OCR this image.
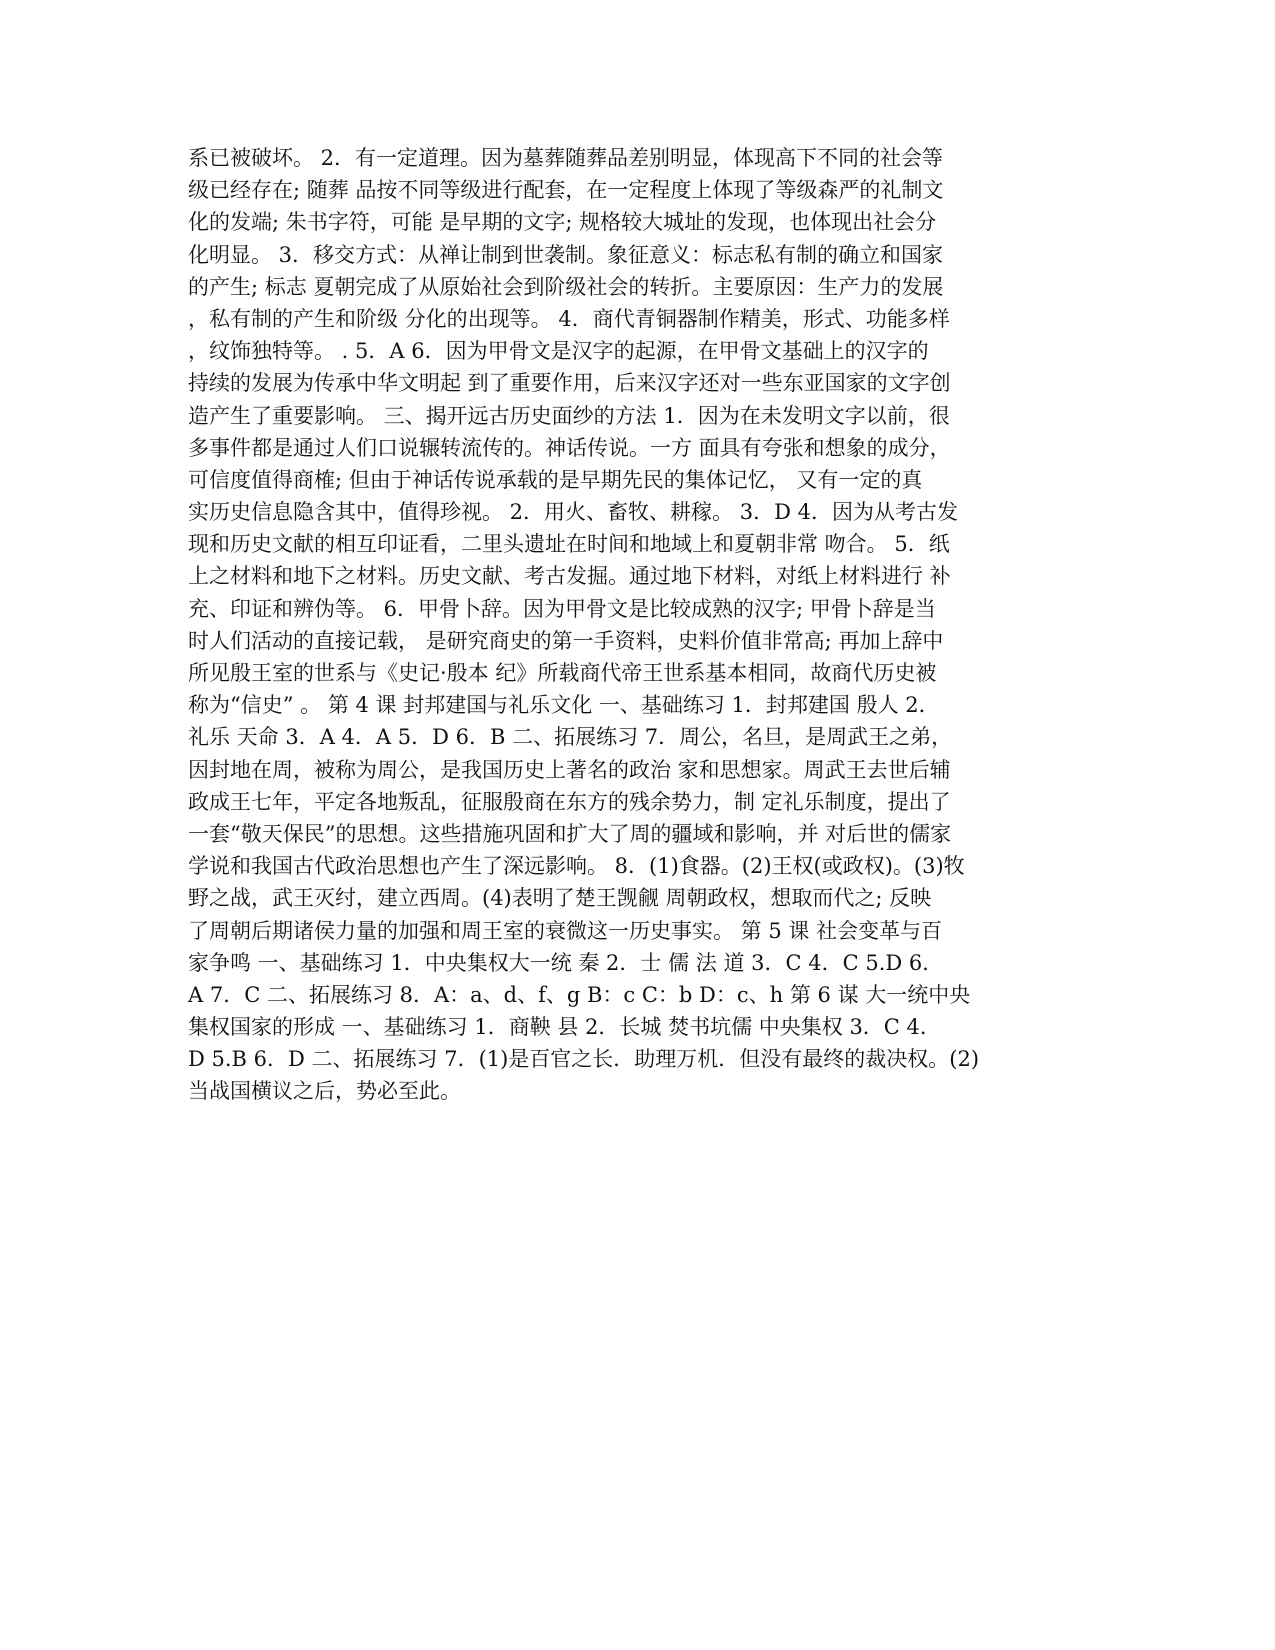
系已被破坏。 2．有一定道理。因为墓葬随葬品差别明显，体现高下不同的社会等
级已经存在; 随葬 品按不同等级进行配套，在一定程度上体现了等级森严的礼制文
化的发端; 朱书字符，可能 是早期的文字; 规格较大城址的发现，也体现出社会分
化明显。 3．移交方式：从禅让制到世袭制。象征意义：标志私有制的确立和国家
的产生; 标志 夏朝完成了从原始社会到阶级社会的转折。主要原因：生产力的发展
，私有制的产生和阶级 分化的出现等。 4．商代青铜器制作精美，形式、功能多样
，纹饰独特等。 . 5．A 6．因为甲骨文是汉字的起源，在甲骨文基础上的汉字的
持续的发展为传承中华文明起 到了重要作用，后来汉字还对一些东亚国家的文字创
造产生了重要影响。 三、揭开远古历史面纱的方法 1．因为在未发明文字以前，很
多事件都是通过人们口说辗转流传的。神话传说。一方 面具有夸张和想象的成分，
可信度值得商榷; 但由于神话传说承载的是早期先民的集体记忆， 又有一定的真
实历史信息隐含其中，值得珍视。 2．用火、畜牧、耕稼。 3．D 4．因为从考古发
现和历史文献的相互印证看，二里头遗址在时间和地域上和夏朝非常 吻合。 5．纸
上之材料和地下之材料。历史文献、考古发掘。通过地下材料，对纸上材料进行 补
充、印证和辨伪等。 6．甲骨卜辞。因为甲骨文是比较成熟的汉字; 甲骨卜辞是当
时人们活动的直接记载， 是研究商史的第一手资料，史料价值非常高; 再加上辞中
所见殷王室的世系与《史记·殷本 纪》所载商代帝王世系基本相同，故商代历史被
称为“信史” 。 第 4 课 封邦建国与礼乐文化 一、基础练习 1．封邦建国 殷人 2．
礼乐 天命 3．A 4．A 5．D 6．B 二、拓展练习 7．周公，名旦，是周武王之弟，
因封地在周，被称为周公，是我国历史上著名的政治 家和思想家。周武王去世后辅
政成王七年，平定各地叛乱，征服殷商在东方的残余势力，制 定礼乐制度，提出了
一套“敬天保民”的思想。这些措施巩固和扩大了周的疆域和影响，并 对后世的儒家
学说和我国古代政治思想也产生了深远影响。 8．(1)食器。(2)王权(或政权)。(3)牧
野之战，武王灭纣，建立西周。(4)表明了楚王觊觎 周朝政权，想取而代之; 反映
了周朝后期诸侯力量的加强和周王室的衰微这一历史事实。 第 5 课 社会变革与百
家争鸣 一、基础练习 1．中央集权大一统 秦 2．士 儒 法 道 3．C 4．C 5.D 6．
A 7．C 二、拓展练习 8．A：a、d、f、g B：c C：b D：c、h 第 6 谋 大一统中央
集权国家的形成 一、基础练习 1．商鞅 县 2．长城 焚书坑儒 中央集权 3．C 4．
D 5.B 6．D 二、拓展练习 7．(1)是百官之长．助理万机．但没有最终的裁决权。(2)
当战国横议之后，势必至此。
